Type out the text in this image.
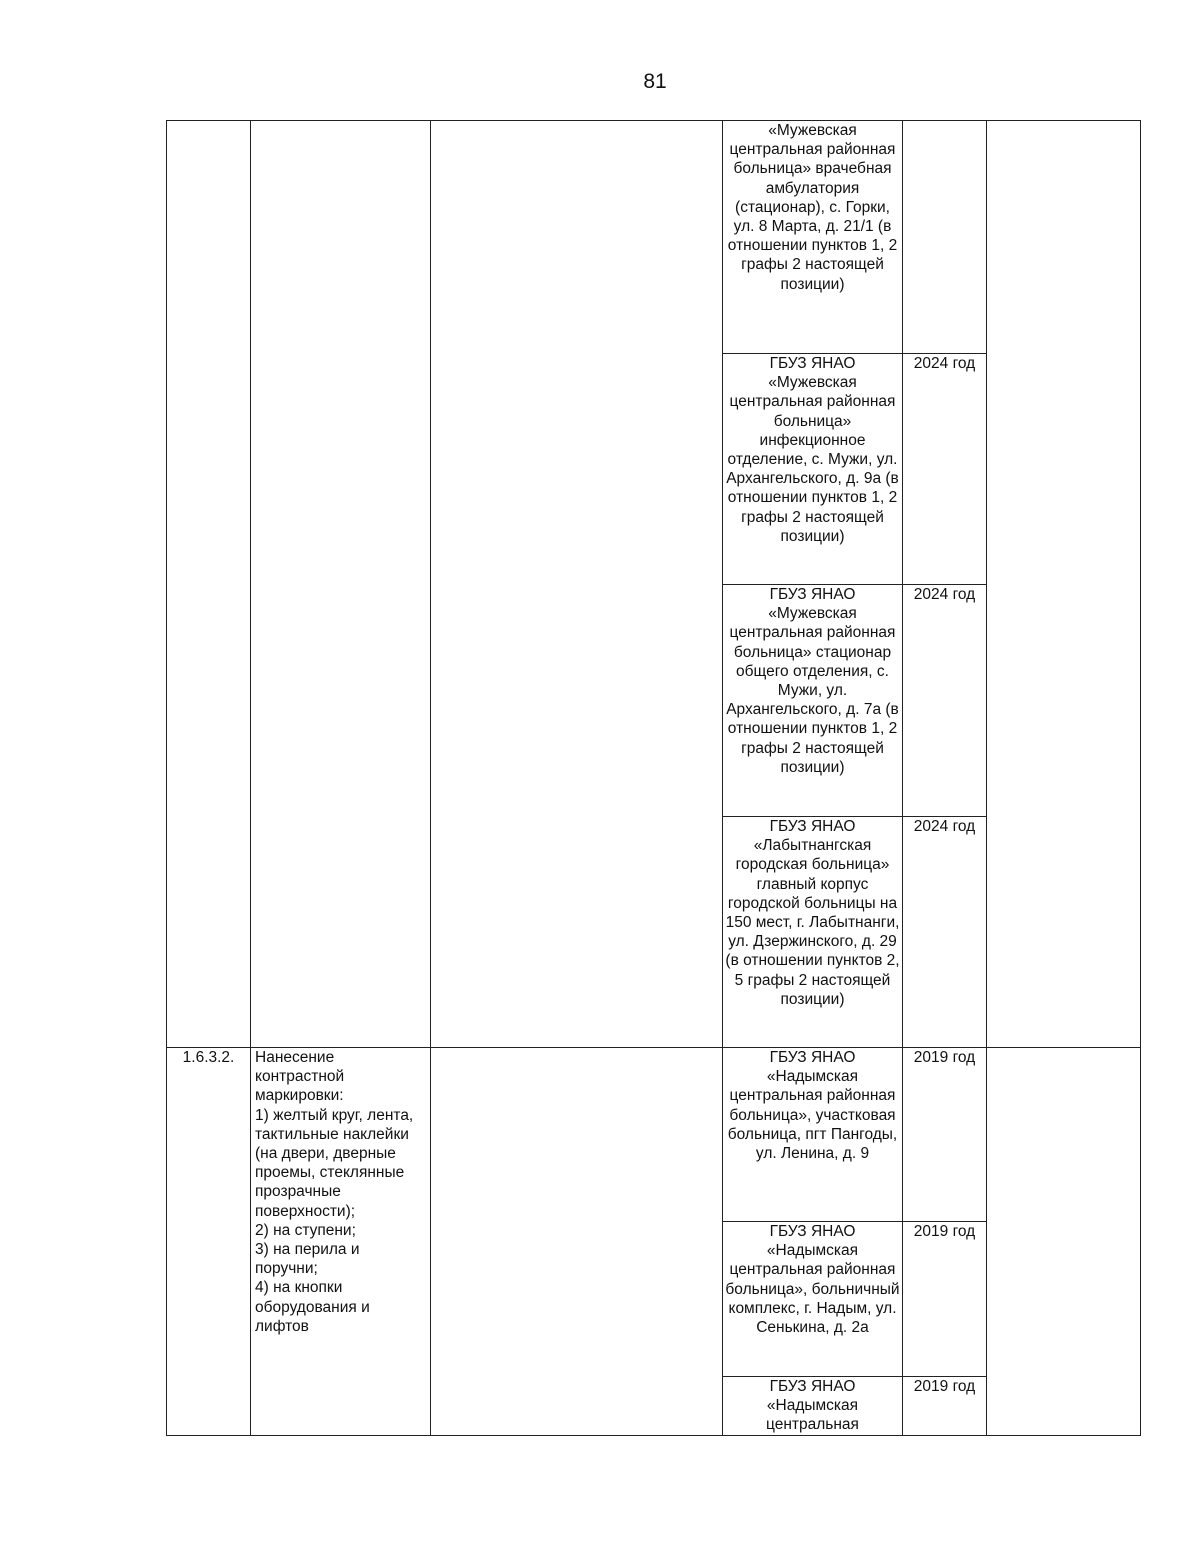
81
			«Мужевская центральная районная больница» врачебная амбулатория (стационар), с. Горки, ул. 8 Марта, д. 21/1 (в отношении пунктов 1, 2 графы 2 настоящей позиции)		
			ГБУЗ ЯНАО «Мужевская центральная районная больница» инфекционное отделение, с. Мужи, ул. Архангельского, д. 9а (в отношении пунктов 1, 2 графы 2 настоящей позиции)	2024 год	
			ГБУЗ ЯНАО «Мужевская центральная районная больница» стационар общего отделения, с. Мужи, ул. Архангельского, д. 7а (в отношении пунктов 1, 2 графы 2 настоящей позиции)	2024 год	
			ГБУЗ ЯНАО «Лабытнангская городская больница» главный корпус городской больницы на 150 мест, г. Лабытнанги, ул. Дзержинского, д. 29 (в отношении пунктов 2, 5 графы 2 настоящей позиции)	2024 год	
1.6.3.2.	Нанесение контрастной маркировки:
1) желтый круг, лента, тактильные наклейки (на двери, дверные проемы, стеклянные прозрачные поверхности);
2) на ступени;
3) на перила и поручни;
4) на кнопки оборудования и лифтов		ГБУЗ ЯНАО «Надымская центральная районная больница», участковая больница, пгт Пангоды, ул. Ленина, д. 9	2019 год	
			ГБУЗ ЯНАО «Надымская центральная районная больница», больничный комплекс, г. Надым, ул. Сенькина, д. 2а	2019 год	
			ГБУЗ ЯНАО «Надымская центральная	2019 год	
